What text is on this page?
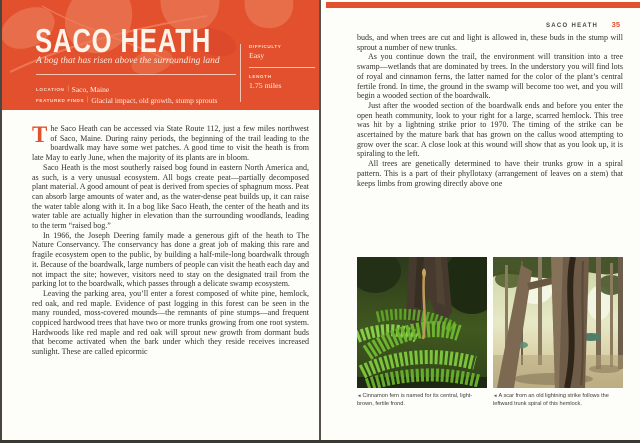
SACO HEATH
A bog that has risen above the surrounding land
LOCATION | Saco, Maine
FEATURED FINDS | Glacial impact, old growth, stump sprouts
DIFFICULTY
Easy
LENGTH
1.75 miles

The Saco Heath can be accessed via State Route 112, just a few miles northwest of Saco, Maine. During rainy periods, the beginning of the trail leading to the boardwalk may have some wet patches. A good time to visit the heath is from late May to early June, when the majority of its plants are in bloom.

Saco Heath is the most southerly raised bog found in eastern North America and, as such, is a very unusual ecosystem. All bogs create peat—partially decomposed plant material. A good amount of peat is derived from species of sphagnum moss. Peat can absorb large amounts of water and, as the water-dense peat builds up, it can raise the water table along with it. In a bog like Saco Heath, the center of the heath and its water table are actually higher in elevation than the surrounding woodlands, leading to the term “raised bog.”

In 1966, the Joseph Deering family made a generous gift of the heath to The Nature Conservancy. The conservancy has done a great job of making this rare and fragile ecosystem open to the public, by building a half-mile-long boardwalk through it. Because of the boardwalk, large numbers of people can visit the heath each day and not impact the site; however, visitors need to stay on the designated trail from the parking lot to the boardwalk, which passes through a delicate swamp ecosystem.

Leaving the parking area, you’ll enter a forest composed of white pine, hemlock, red oak, and red maple. Evidence of past logging in this forest can be seen in the many rounded, moss-covered mounds—the remnants of pine stumps—and frequent coppiced hardwood trees that have two or more trunks growing from one root system. Hardwoods like red maple and red oak will sprout new growth from dormant buds that become activated when the bark under which they reside receives increased sunlight. These are called epicormic

SACO HEATH 35

buds, and when trees are cut and light is allowed in, these buds in the stump will sprout a number of new trunks.

As you continue down the trail, the environment will transition into a tree swamp—wetlands that are dominated by trees. In the understory you will find lots of royal and cinnamon ferns, the latter named for the color of the plant’s central fertile frond. In time, the ground in the swamp will become too wet, and you will begin a wooded section of the boardwalk.

Just after the wooded section of the boardwalk ends and before you enter the open heath community, look to your right for a large, scarred hemlock. This tree was hit by a lightning strike prior to 1970. The timing of the strike can be ascertained by the mature bark that has grown on the callus wood attempting to grow over the scar. A close look at this wound will show that as you look up, it is spiraling to the left.

All trees are genetically determined to have their trunks grow in a spiral pattern. This is a part of their phyllotaxy (arrangement of leaves on a stem) that keeps limbs from growing directly above one

◄Cinnamon fern is named for its central, light-brown, fertile frond.
◄A scar from an old lightning strike follows the leftward trunk spiral of this hemlock.
